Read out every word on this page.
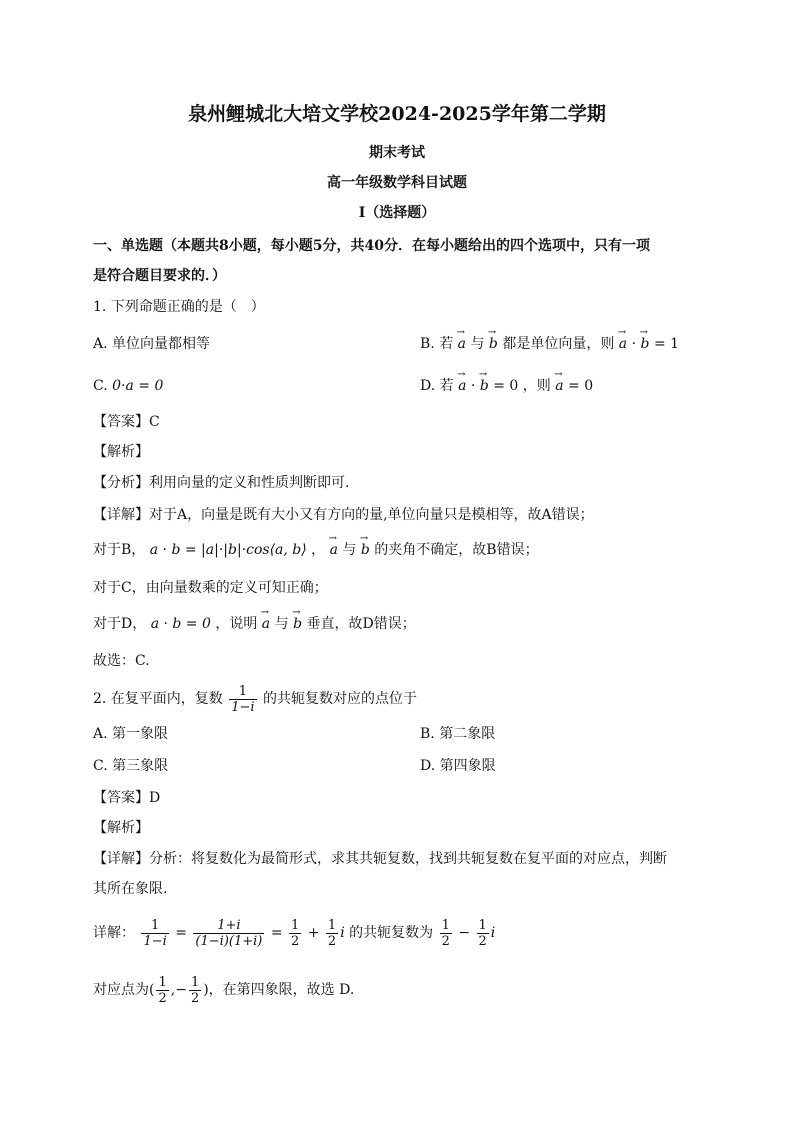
泉州鲤城北大培文学校2024-2025学年第二学期
期末考试
高一年级数学科目试题
I（选择题）
一、单选题（本题共8小题，每小题5分，共40分．在每小题给出的四个选项中，只有一项
是符合题目要求的．）
1. 下列命题正确的是（　）
A. 单位向量都相等	B. 若 → a 与 → b 都是单位向量，则 → a · → b = 1
C. 0·a = 0	D. 若 → a · → b = 0 ，则 → a = 0
【答案】C
【解析】
【分析】利用向量的定义和性质判断即可.
【详解】对于A，向量是既有大小又有方向的量,单位向量只是模相等，故A错误；
对于B， a · b = |a|·|b|·cos⟨a, b⟩ ， → a 与 → b 的夹角不确定，故B错误；
对于C，由向量数乘的定义可知正确；
对于D， a · b = 0 ，说明 → a 与 → b 垂直，故D错误；
故选：C.
2. 在复平面内，复数 $\frac{1}{1-i}$ 的共轭复数对应的点位于
A. 第一象限	B. 第二象限
C. 第三象限	D. 第四象限
【答案】D
【解析】
【详解】分析：将复数化为最简形式，求其共轭复数，找到共轭复数在复平面的对应点，判断
其所在象限.
详解： $\frac{1}{1-i} = \frac{1+i}{(1-i)(1+i)} = \frac{1}{2} + \frac{1}{2}$ i 的共轭复数为 $\frac{1}{2} - \frac{1}{2}$ i
对应点为( $\frac{1}{2}$ ,− $\frac{1}{2}$ )，在第四象限，故选 D.
